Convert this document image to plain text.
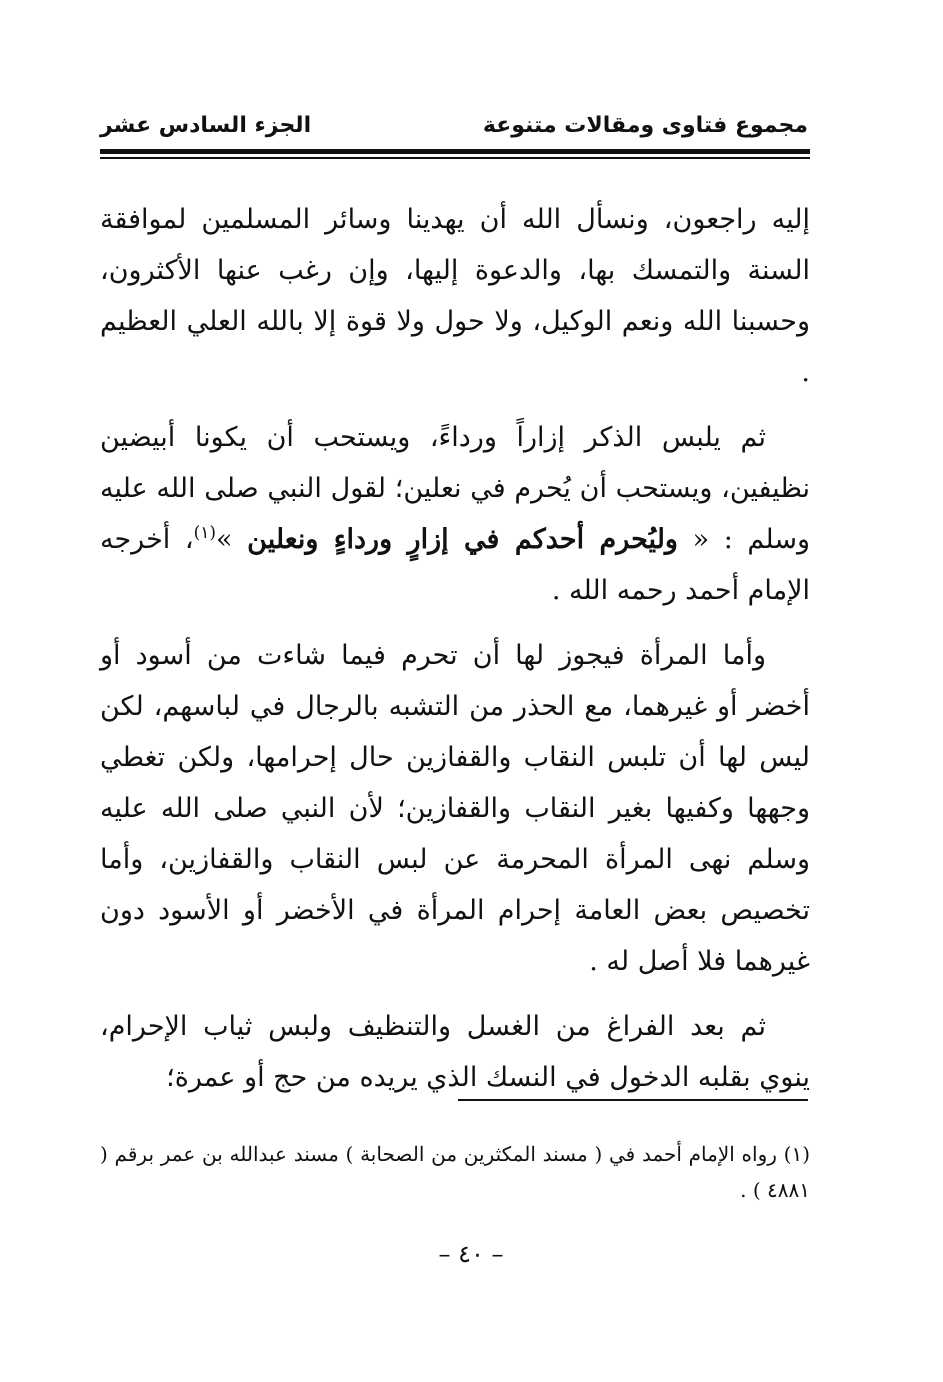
مجموع فتاوى ومقالات متنوعة
الجزء السادس عشر

إليه راجعون، ونسأل الله أن يهدينا وسائر المسلمين لموافقة السنة والتمسك بها، والدعوة إليها، وإن رغب عنها الأكثرون، وحسبنا الله ونعم الوكيل، ولا حول ولا قوة إلا بالله العلي العظيم .

ثم يلبس الذكر إزاراً ورداءً، ويستحب أن يكونا أبيضين نظيفين، ويستحب أن يُحرم في نعلين؛ لقول النبي صلى الله عليه وسلم : « وليُحرم أحدكم في إزارٍ ورداءٍ ونعلين »$^{(١)}$، أخرجه الإمام أحمد رحمه الله .

وأما المرأة فيجوز لها أن تحرم فيما شاءت من أسود أو أخضر أو غيرهما، مع الحذر من التشبه بالرجال في لباسهم، لكن ليس لها أن تلبس النقاب والقفازين حال إحرامها، ولكن تغطي وجهها وكفيها بغير النقاب والقفازين؛ لأن النبي صلى الله عليه وسلم نهى المرأة المحرمة عن لبس النقاب والقفازين، وأما تخصيص بعض العامة إحرام المرأة في الأخضر أو الأسود دون غيرهما فلا أصل له .

ثم بعد الفراغ من الغسل والتنظيف ولبس ثياب الإحرام، ينوي بقلبه الدخول في النسك الذي يريده من حج أو عمرة؛

(١) رواه الإمام أحمد في ( مسند المكثرين من الصحابة ) مسند عبدالله بن عمر برقم ( ٤٨٨١ ) .

– ٤٠ –
